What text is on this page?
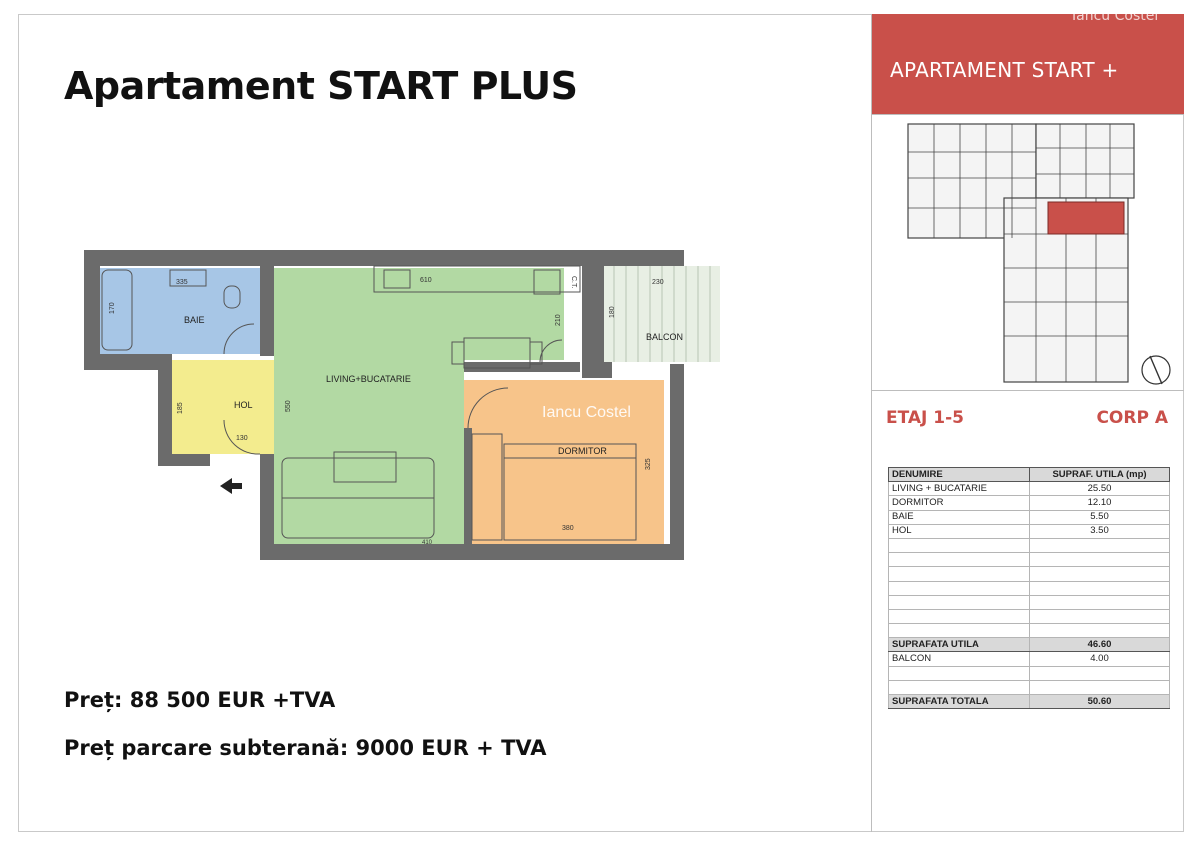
Apartament START PLUS
BAIE
HOL
LIVING+BUCATARIE
DORMITOR
BALCON
335
170
610
550
185
130
210
230
180
325
380
410
C.T.
Iancu Costel
Preț: 88 500 EUR +TVA
Preț parcare subterană: 9000 EUR + TVA
APARTAMENT START +
ETAJ 1-5	CORP A
Iancu Costel
DENUMIRE	SUPRAF. UTILA (mp)
LIVING + BUCATARIE	25.50
DORMITOR	12.10
BAIE	5.50
HOL	3.50

SUPRAFATA UTILA	46.60
BALCON	4.00

SUPRAFATA TOTALA	50.60
